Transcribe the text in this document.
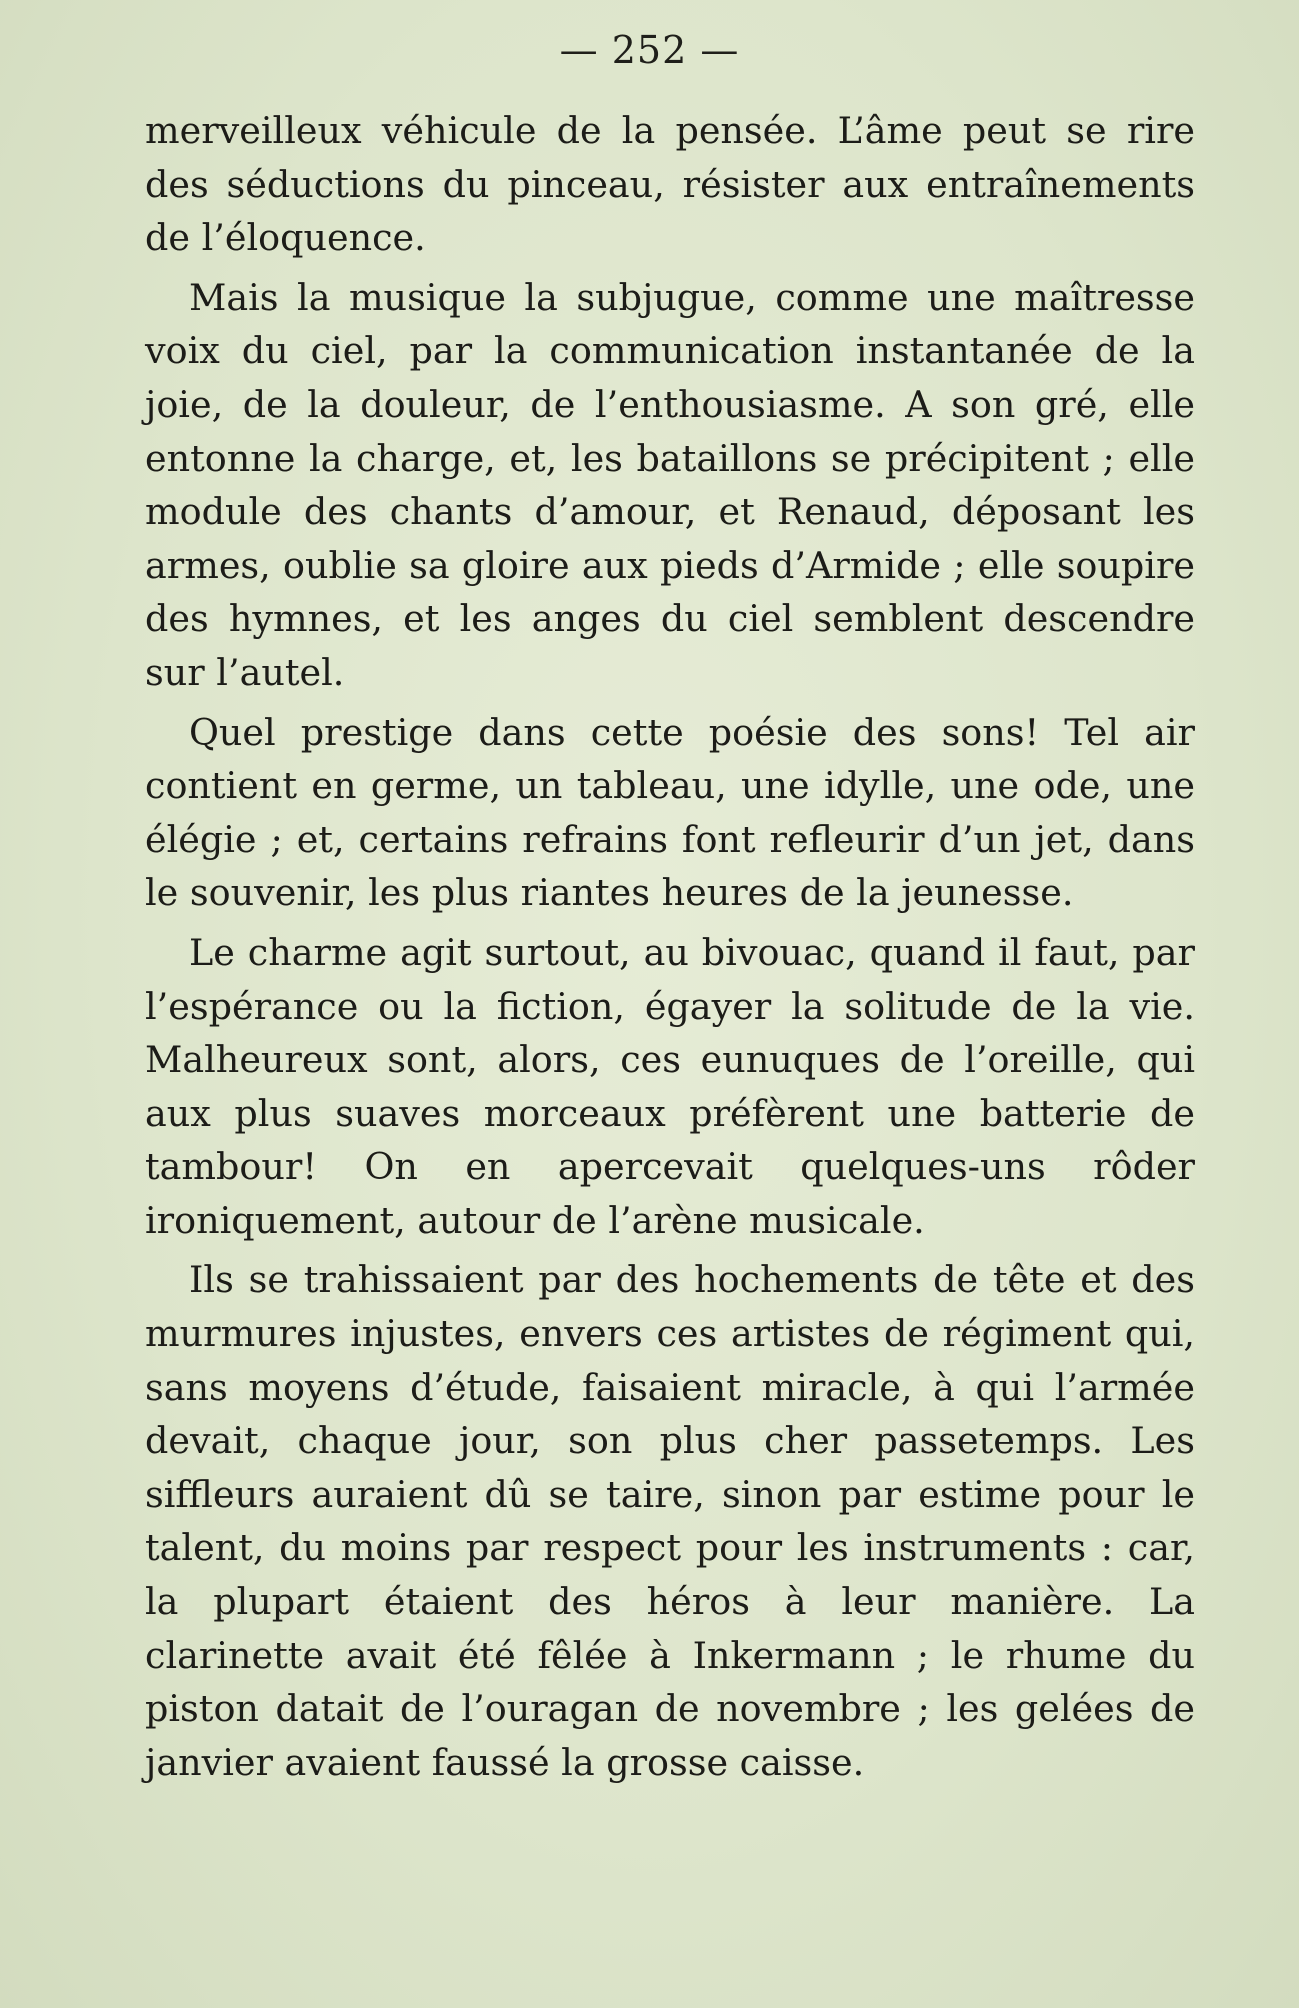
— 252 —

merveilleux véhicule de la pensée. L’âme peut se rire des séductions du pinceau, résister aux entraînements de l’éloquence.

Mais la musique la subjugue, comme une maîtresse voix du ciel, par la communication instantanée de la joie, de la douleur, de l’enthousiasme. A son gré, elle entonne la charge, et, les bataillons se précipitent ; elle module des chants d’amour, et Renaud, déposant les armes, oublie sa gloire aux pieds d’Armide ; elle soupire des hymnes, et les anges du ciel semblent descendre sur l’autel.

Quel prestige dans cette poésie des sons! Tel air contient en germe, un tableau, une idylle, une ode, une élégie ; et, certains refrains font refleurir d’un jet, dans le souvenir, les plus riantes heures de la jeunesse.

Le charme agit surtout, au bivouac, quand il faut, par l’espérance ou la fiction, égayer la solitude de la vie. Malheureux sont, alors, ces eunuques de l’oreille, qui aux plus suaves morceaux préfèrent une batterie de tambour! On en apercevait quelques-uns rôder ironiquement, autour de l’arène musicale.

Ils se trahissaient par des hochements de tête et des murmures injustes, envers ces artistes de régiment qui, sans moyens d’étude, faisaient miracle, à qui l’armée devait, chaque jour, son plus cher passetemps. Les siffleurs auraient dû se taire, sinon par estime pour le talent, du moins par respect pour les instruments : car, la plupart étaient des héros à leur manière. La clarinette avait été fêlée à Inkermann ; le rhume du piston datait de l’ouragan de novembre ; les gelées de janvier avaient faussé la grosse caisse.
